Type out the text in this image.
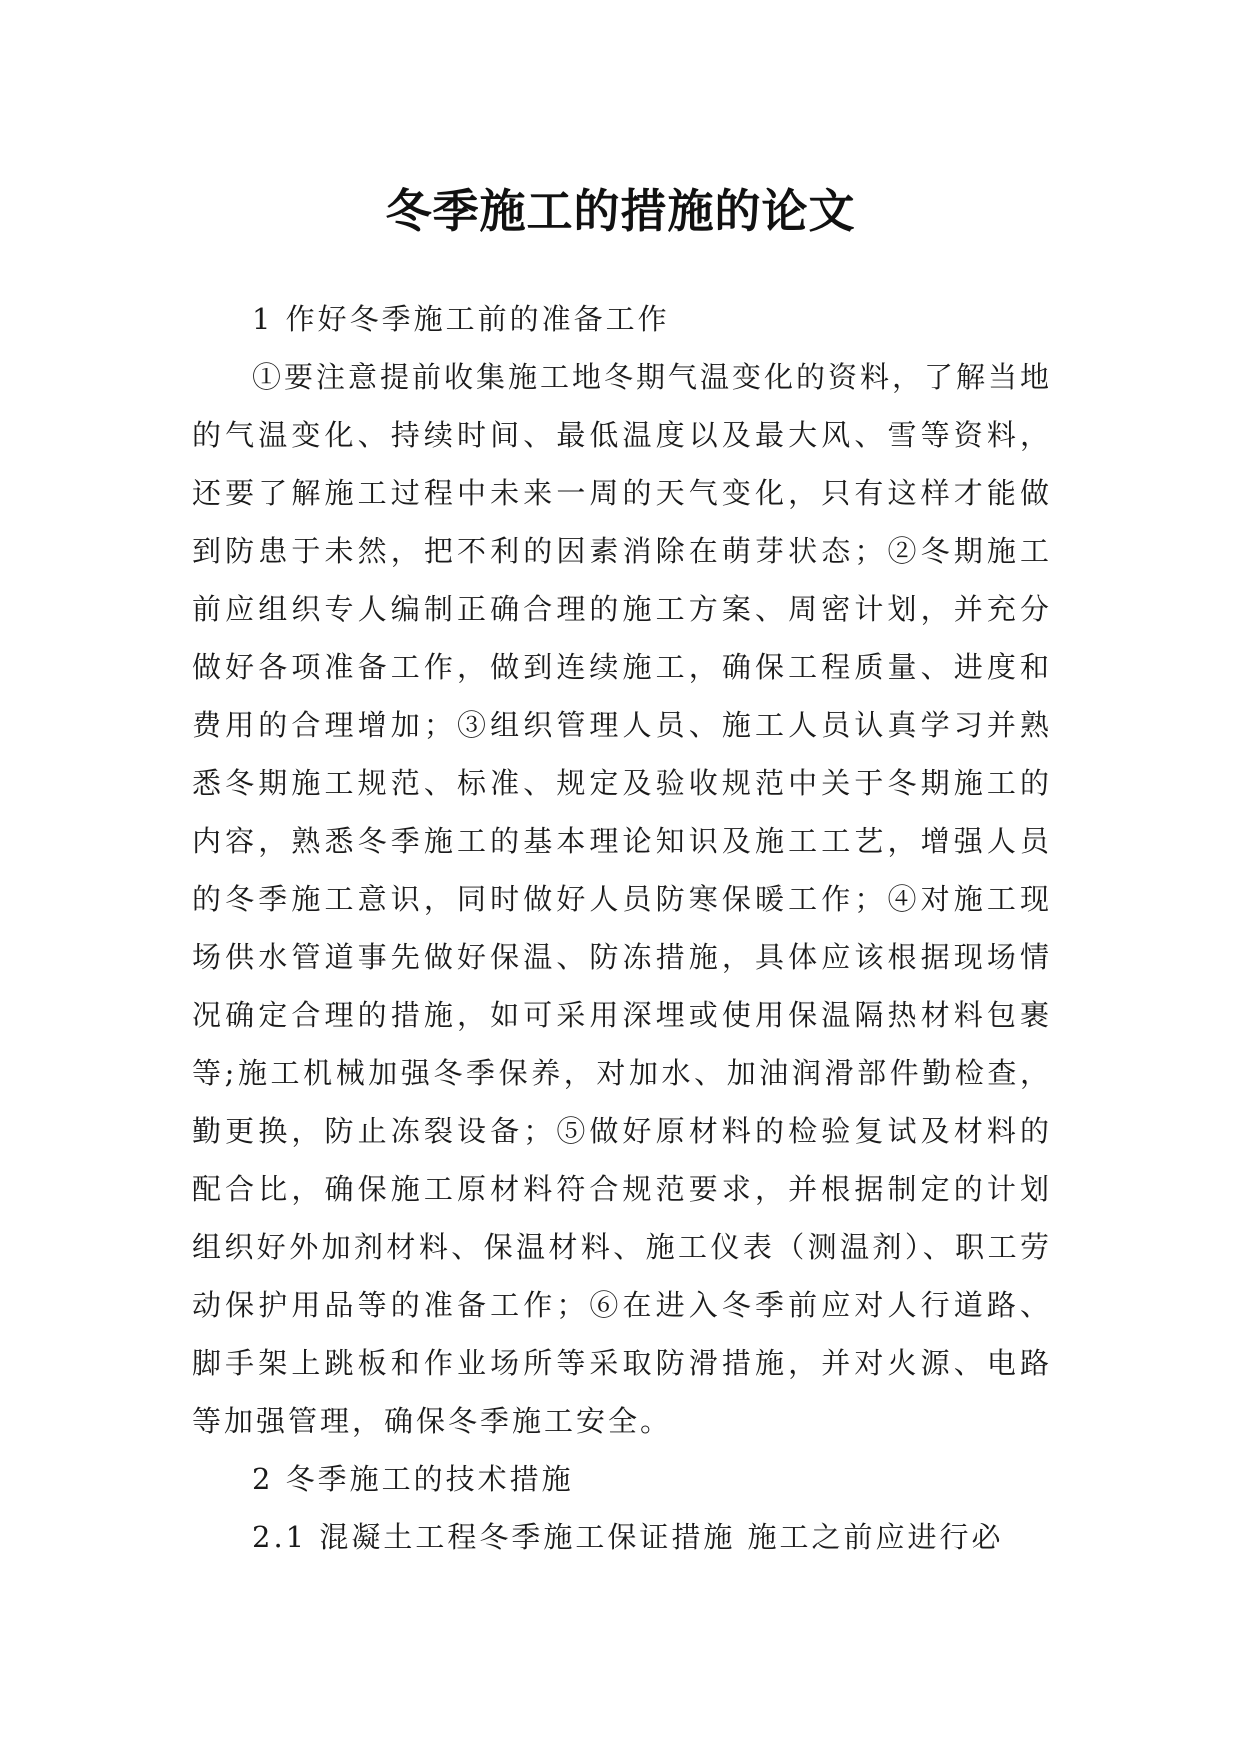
冬季施工的措施的论文

1 作好冬季施工前的准备工作

①要注意提前收集施工地冬期气温变化的资料，了解当地的气温变化、持续时间、最低温度以及最大风、雪等资料，还要了解施工过程中未来一周的天气变化，只有这样才能做到防患于未然，把不利的因素消除在萌芽状态；②冬期施工前应组织专人编制正确合理的施工方案、周密计划，并充分做好各项准备工作，做到连续施工，确保工程质量、进度和费用的合理增加；③组织管理人员、施工人员认真学习并熟悉冬期施工规范、标准、规定及验收规范中关于冬期施工的内容，熟悉冬季施工的基本理论知识及施工工艺，增强人员的冬季施工意识，同时做好人员防寒保暖工作；④对施工现场供水管道事先做好保温、防冻措施，具体应该根据现场情况确定合理的措施，如可采用深埋或使用保温隔热材料包裹等;施工机械加强冬季保养，对加水、加油润滑部件勤检查，勤更换，防止冻裂设备；⑤做好原材料的检验复试及材料的配合比，确保施工原材料符合规范要求，并根据制定的计划组织好外加剂材料、保温材料、施工仪表（测温剂）、职工劳动保护用品等的准备工作；⑥在进入冬季前应对人行道路、脚手架上跳板和作业场所等采取防滑措施，并对火源、电路等加强管理，确保冬季施工安全。

2 冬季施工的技术措施

2.1 混凝土工程冬季施工保证措施 施工之前应进行必
